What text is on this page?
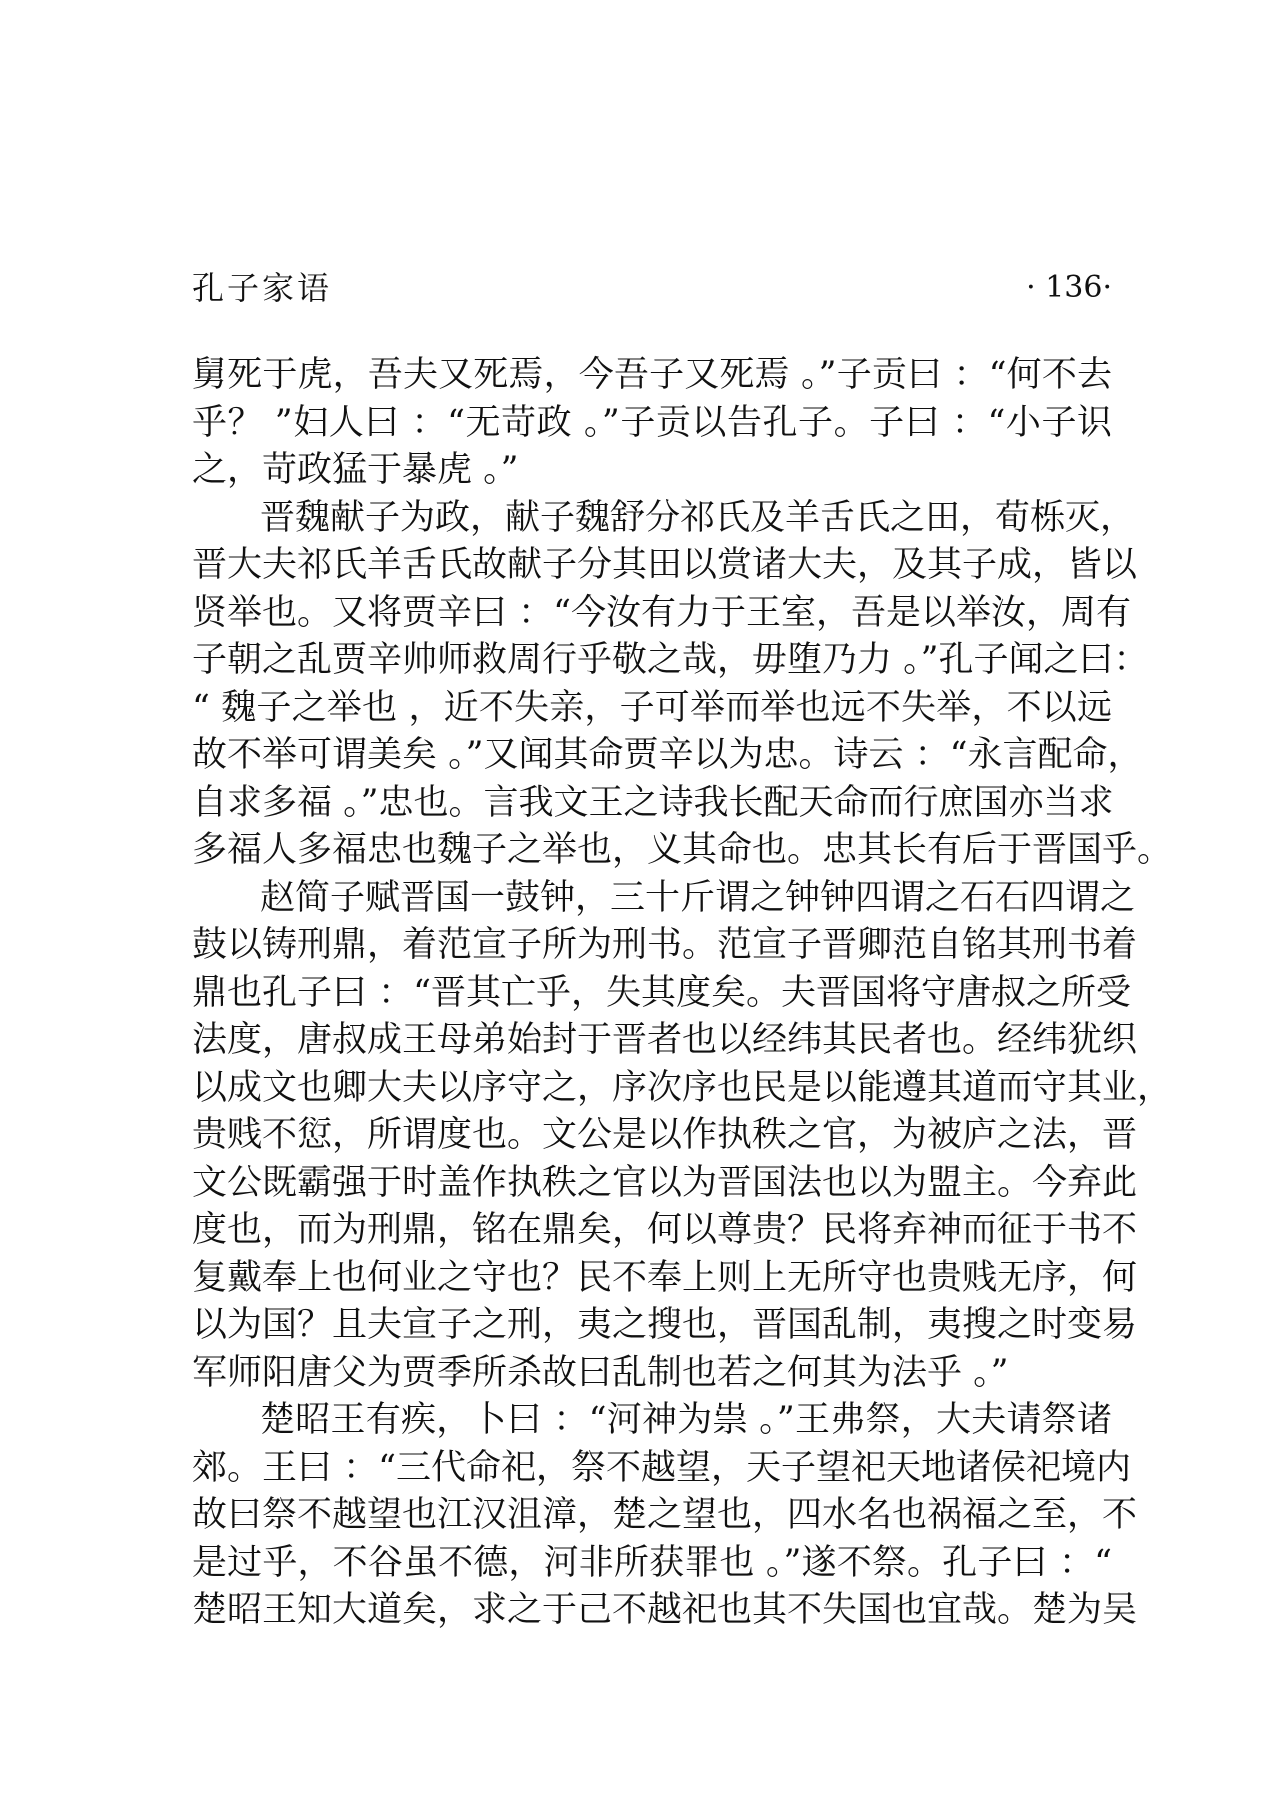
孔子家语	· 136·
舅死于虎，吾夫又死焉，今吾子又死焉 。”子贡曰 ：“何不去
乎？ ”妇人曰 ：“无苛政 。”子贡以告孔子。子曰 ：“小子识
之，苛政猛于暴虎 。”
晋魏献子为政，献子魏舒分祁氏及羊舌氏之田，荀栎灭，
晋大夫祁氏羊舌氏故献子分其田以赏诸大夫，及其子成，皆以
贤举也。又将贾辛曰 ：“今汝有力于王室，吾是以举汝，周有
子朝之乱贾辛帅师救周行乎敬之哉，毋堕乃力 。”孔子闻之曰：
“ 魏子之举也 ，近不失亲，子可举而举也远不失举，不以远
故不举可谓美矣 。”又闻其命贾辛以为忠。诗云 ：“永言配命，
自求多福 。”忠也。言我文王之诗我长配天命而行庶国亦当求
多福人多福忠也魏子之举也，义其命也。忠其长有后于晋国乎。
赵简子赋晋国一鼓钟，三十斤谓之钟钟四谓之石石四谓之
鼓以铸刑鼎，着范宣子所为刑书。范宣子晋卿范自铭其刑书着
鼎也孔子曰 ：“晋其亡乎，失其度矣。夫晋国将守唐叔之所受
法度，唐叔成王母弟始封于晋者也以经纬其民者也。经纬犹织
以成文也卿大夫以序守之，序次序也民是以能遵其道而守其业，
贵贱不愆，所谓度也。文公是以作执秩之官，为被庐之法，晋
文公既霸强于时盖作执秩之官以为晋国法也以为盟主。今弃此
度也，而为刑鼎，铭在鼎矣，何以尊贵？民将弃神而征于书不
复戴奉上也何业之守也？民不奉上则上无所守也贵贱无序，何
以为国？且夫宣子之刑，夷之搜也，晋国乱制，夷搜之时变易
军师阳唐父为贾季所杀故曰乱制也若之何其为法乎 。”
楚昭王有疾，卜曰 ：“河神为祟 。”王弗祭，大夫请祭诸
郊。王曰 ：“三代命祀，祭不越望，天子望祀天地诸侯祀境内
故曰祭不越望也江汉沮漳，楚之望也，四水名也祸福之至，不
是过乎，不谷虽不德，河非所获罪也 。”遂不祭。孔子曰 ：“
楚昭王知大道矣，求之于己不越祀也其不失国也宜哉。楚为吴
